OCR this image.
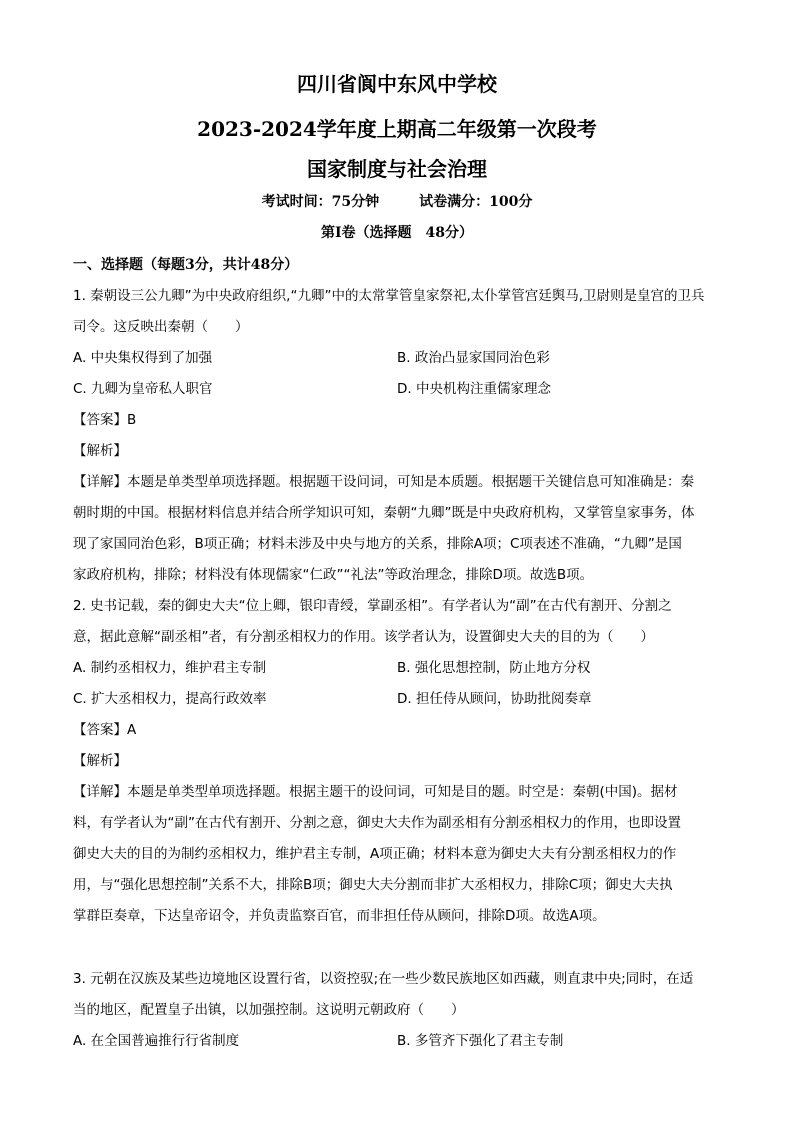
四川省阆中东风中学校
2023-2024学年度上期高二年级第一次段考
国家制度与社会治理
考试时间：75分钟	试卷满分：100分
第I卷（选择题　48分）
一、选择题（每题3分，共计48分）
1. 秦朝设三公九卿”为中央政府组织,“九卿”中的太常掌管皇家祭祀,太仆掌管宫廷舆马,卫尉则是皇宫的卫兵
司令。这反映出秦朝（　　）
A. 中央集权得到了加强	B. 政治凸显家国同治色彩
C. 九卿为皇帝私人职官	D. 中央机构注重儒家理念
【答案】B
【解析】
【详解】本题是单类型单项选择题。根据题干设问词，可知是本质题。根据题干关键信息可知准确是：秦
朝时期的中国。根据材料信息并结合所学知识可知，秦朝“九卿”既是中央政府机构，又掌管皇家事务，体
现了家国同治色彩，B项正确；材料未涉及中央与地方的关系，排除A项；C项表述不准确，“九卿”是国
家政府机构，排除；材料没有体现儒家“仁政”“礼法”等政治理念，排除D项。故选B项。
2. 史书记载，秦的御史大夫“位上卿，银印青绶，掌副丞相”。有学者认为“副”在古代有割开、分割之
意，据此意解“副丞相”者，有分割丞相权力的作用。该学者认为，设置御史大夫的目的为（　　）
A. 制约丞相权力，维护君主专制	B. 强化思想控制，防止地方分权
C. 扩大丞相权力，提高行政效率	D. 担任侍从顾问，协助批阅奏章
【答案】A
【解析】
【详解】本题是单类型单项选择题。根据主题干的设问词，可知是目的题。时空是：秦朝(中国)。据材
料，有学者认为“副”在古代有割开、分割之意，御史大夫作为副丞相有分割丞相权力的作用，也即设置
御史大夫的目的为制约丞相权力，维护君主专制，A项正确；材料本意为御史大夫有分割丞相权力的作
用，与“强化思想控制”关系不大，排除B项；御史大夫分割而非扩大丞相权力，排除C项；御史大夫执
掌群臣奏章，下达皇帝诏令，并负责监察百官，而非担任侍从顾问，排除D项。故选A项。
3. 元朝在汉族及某些边境地区设置行省，以资控驭;在一些少数民族地区如西藏，则直隶中央;同时，在适
当的地区，配置皇子出镇，以加强控制。这说明元朝政府（　　）
A. 在全国普遍推行行省制度	B. 多管齐下强化了君主专制
